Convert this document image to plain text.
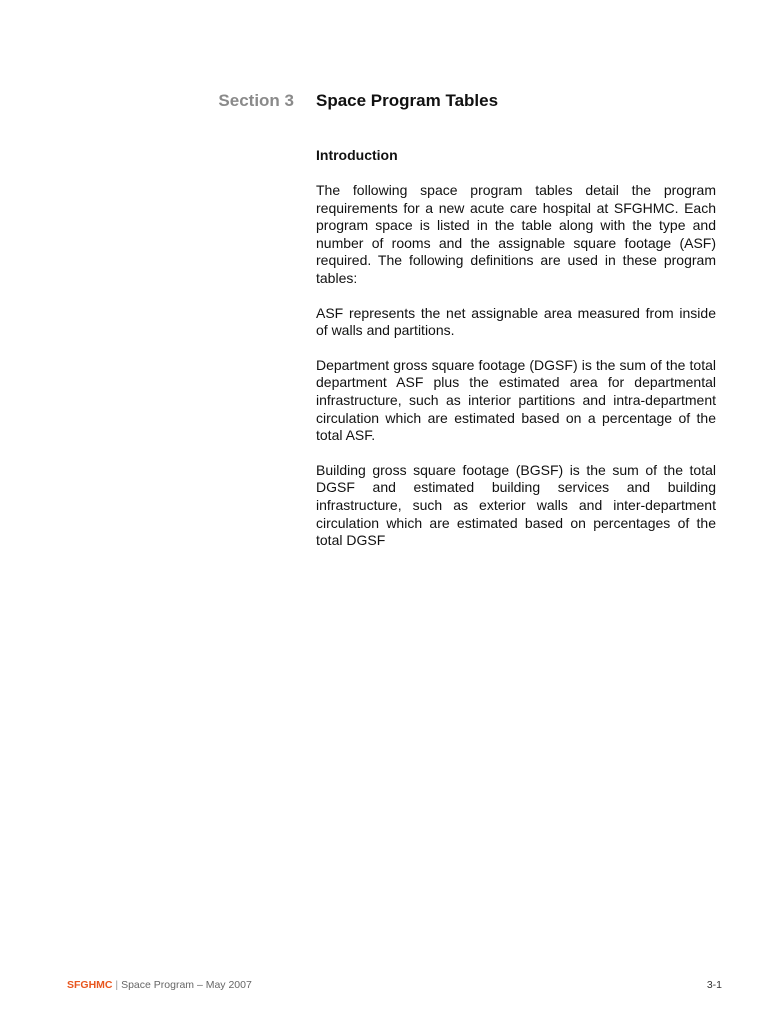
Section 3 Space Program Tables
Introduction

The following space program tables detail the program requirements for a new acute care hospital at SFGHMC. Each program space is listed in the table along with the type and number of rooms and the assignable square footage (ASF) required. The following definitions are used in these program tables:

ASF represents the net assignable area measured from inside of walls and partitions.

Department gross square footage (DGSF) is the sum of the total department ASF plus the estimated area for departmental infrastructure, such as interior partitions and intra-department circulation which are estimated based on a percentage of the total ASF.

Building gross square footage (BGSF) is the sum of the total DGSF and estimated building services and building infrastructure, such as exterior walls and inter-department circulation which are estimated based on percentages of the total DGSF

SFGHMC | Space Program – May 2007	3-1
